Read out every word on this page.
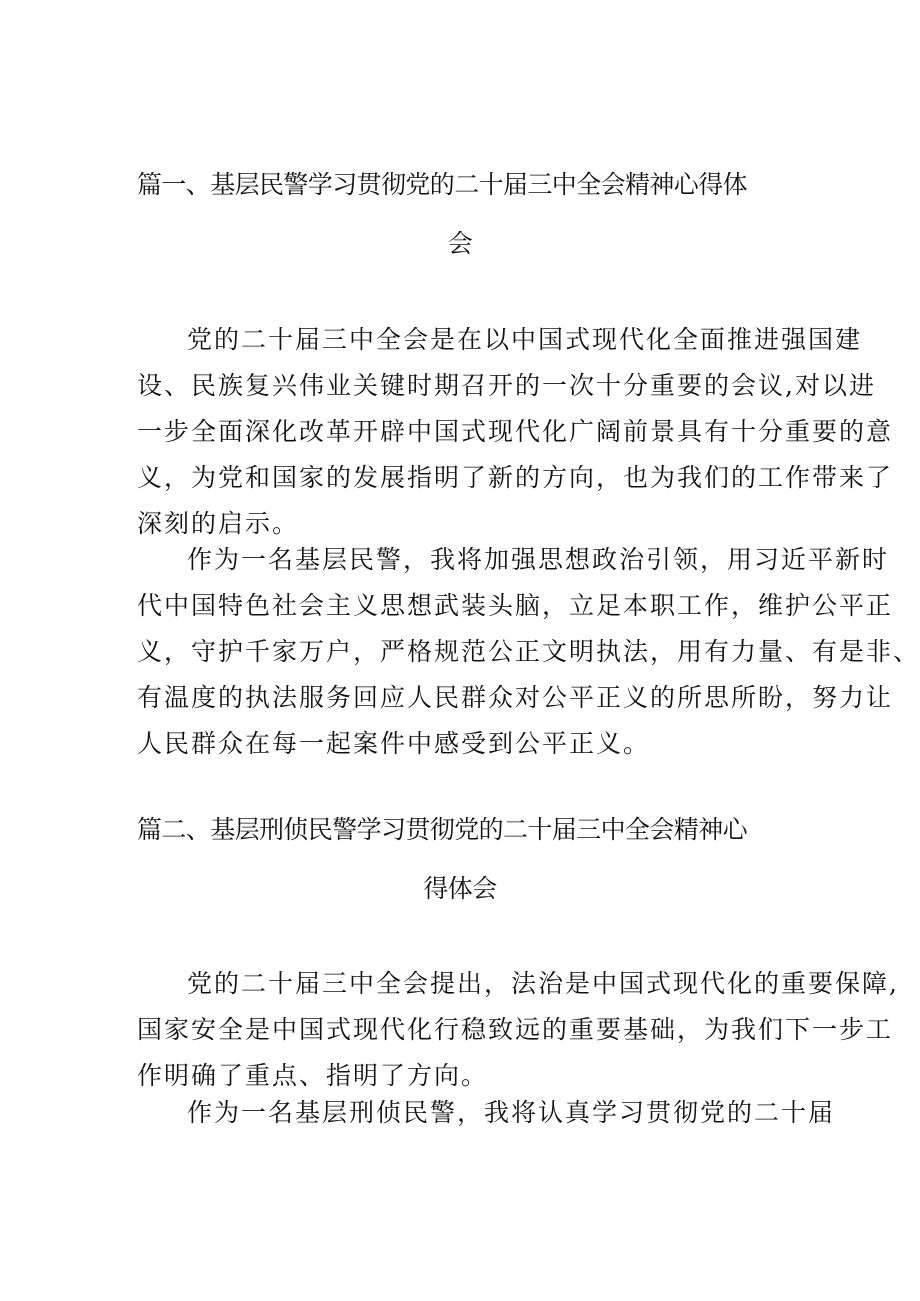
篇一、基层民警学习贯彻党的二十届三中全会精神心得体
会
党的二十届三中全会是在以中国式现代化全面推进强国建
设、民族复兴伟业关键时期召开的一次十分重要的会议,对以进
一步全面深化改革开辟中国式现代化广阔前景具有十分重要的意
义，为党和国家的发展指明了新的方向，也为我们的工作带来了
深刻的启示。
作为一名基层民警，我将加强思想政治引领，用习近平新时
代中国特色社会主义思想武装头脑，立足本职工作，维护公平正
义，守护千家万户，严格规范公正文明执法，用有力量、有是非、
有温度的执法服务回应人民群众对公平正义的所思所盼，努力让
人民群众在每一起案件中感受到公平正义。
篇二、基层刑侦民警学习贯彻党的二十届三中全会精神心
得体会
党的二十届三中全会提出，法治是中国式现代化的重要保障,
国家安全是中国式现代化行稳致远的重要基础，为我们下一步工
作明确了重点、指明了方向。
作为一名基层刑侦民警，我将认真学习贯彻党的二十届
